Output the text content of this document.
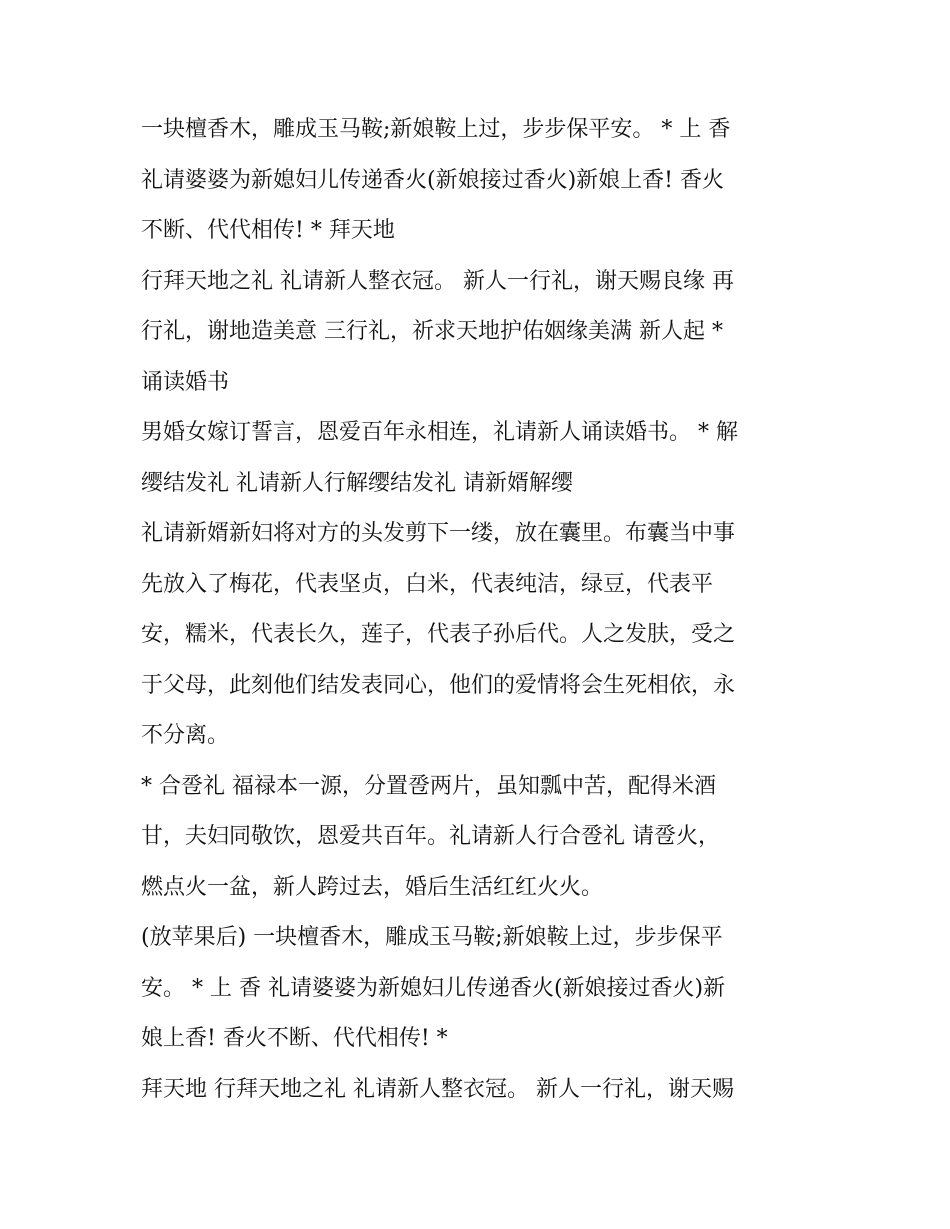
一块檀香木，雕成玉马鞍;新娘鞍上过，步步保平安。 * 上 香
礼请婆婆为新媳妇儿传递香火(新娘接过香火)新娘上香! 香火
不断、代代相传! * 拜天地
行拜天地之礼 礼请新人整衣冠。 新人一行礼，谢天赐良缘 再
行礼，谢地造美意 三行礼，祈求天地护佑姻缘美满 新人起 *
诵读婚书
男婚女嫁订誓言，恩爱百年永相连，礼请新人诵读婚书。 * 解
缨结发礼 礼请新人行解缨结发礼 请新婿解缨
礼请新婿新妇将对方的头发剪下一缕，放在囊里。布囊当中事
先放入了梅花，代表坚贞，白米，代表纯洁，绿豆，代表平
安，糯米，代表长久，莲子，代表子孙后代。人之发肤，受之
于父母，此刻他们结发表同心，他们的爱情将会生死相依，永
不分离。
* 合卺礼 福禄本一源，分置卺两片，虽知瓢中苦，配得米酒
甘，夫妇同敬饮，恩爱共百年。礼请新人行合卺礼 请卺火，
燃点火一盆，新人跨过去，婚后生活红红火火。
(放苹果后) 一块檀香木，雕成玉马鞍;新娘鞍上过，步步保平
安。 * 上 香 礼请婆婆为新媳妇儿传递香火(新娘接过香火)新
娘上香! 香火不断、代代相传! *
拜天地 行拜天地之礼 礼请新人整衣冠。 新人一行礼，谢天赐
